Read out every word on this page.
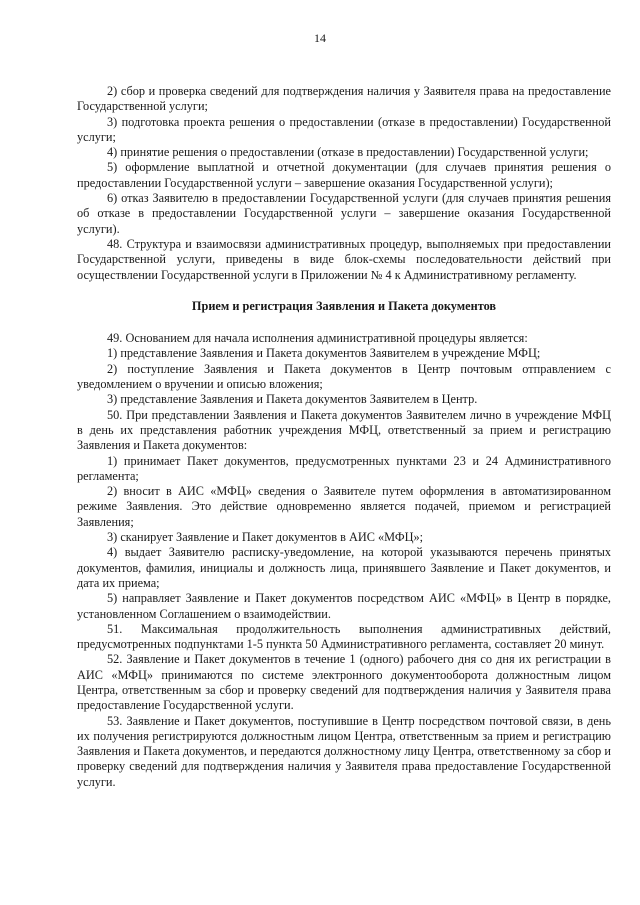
14

2) сбор и проверка сведений для подтверждения наличия у Заявителя права на предоставление Государственной услуги;

3) подготовка проекта решения о предоставлении (отказе в предоставлении) Государственной услуги;

4) принятие решения о предоставлении (отказе в предоставлении) Государственной услуги;

5) оформление выплатной и отчетной документации (для случаев принятия решения о предоставлении Государственной услуги – завершение оказания Государственной услуги);

6) отказ Заявителю в предоставлении Государственной услуги (для случаев принятия решения об отказе в предоставлении Государственной услуги – завершение оказания Государственной услуги).

48. Структура и взаимосвязи административных процедур, выполняемых при предоставлении Государственной услуги, приведены в виде блок-схемы последовательности действий при осуществлении Государственной услуги в Приложении № 4 к Административному регламенту.

Прием и регистрация Заявления и Пакета документов

49. Основанием для начала исполнения административной процедуры является:

1) представление Заявления и Пакета документов Заявителем в учреждение МФЦ;

2) поступление Заявления и Пакета документов в Центр почтовым отправлением с уведомлением о вручении и описью вложения;

3) представление Заявления и Пакета документов Заявителем в Центр.

50. При представлении Заявления и Пакета документов Заявителем лично в учреждение МФЦ в день их представления работник учреждения МФЦ, ответственный за прием и регистрацию Заявления и Пакета документов:

1) принимает Пакет документов, предусмотренных пунктами 23 и 24 Административного регламента;

2) вносит в АИС «МФЦ» сведения о Заявителе путем оформления в автоматизированном режиме Заявления. Это действие одновременно является подачей, приемом и регистрацией Заявления;

3) сканирует Заявление и Пакет документов в АИС «МФЦ»;

4) выдает Заявителю расписку-уведомление, на которой указываются перечень принятых документов, фамилия, инициалы и должность лица, принявшего Заявление и Пакет документов, и дата их приема;

5) направляет Заявление и Пакет документов посредством АИС «МФЦ» в Центр в порядке, установленном Соглашением о взаимодействии.

51. Максимальная продолжительность выполнения административных действий, предусмотренных подпунктами 1-5 пункта 50 Административного регламента, составляет 20 минут.

52. Заявление и Пакет документов в течение 1 (одного) рабочего дня со дня их регистрации в АИС «МФЦ» принимаются по системе электронного документооборота должностным лицом Центра, ответственным за сбор и проверку сведений для подтверждения наличия у Заявителя права предоставление Государственной услуги.

53. Заявление и Пакет документов, поступившие в Центр посредством почтовой связи, в день их получения регистрируются должностным лицом Центра, ответственным за прием и регистрацию Заявления и Пакета документов, и передаются должностному лицу Центра, ответственному за сбор и проверку сведений для подтверждения наличия у Заявителя права предоставление Государственной услуги.
